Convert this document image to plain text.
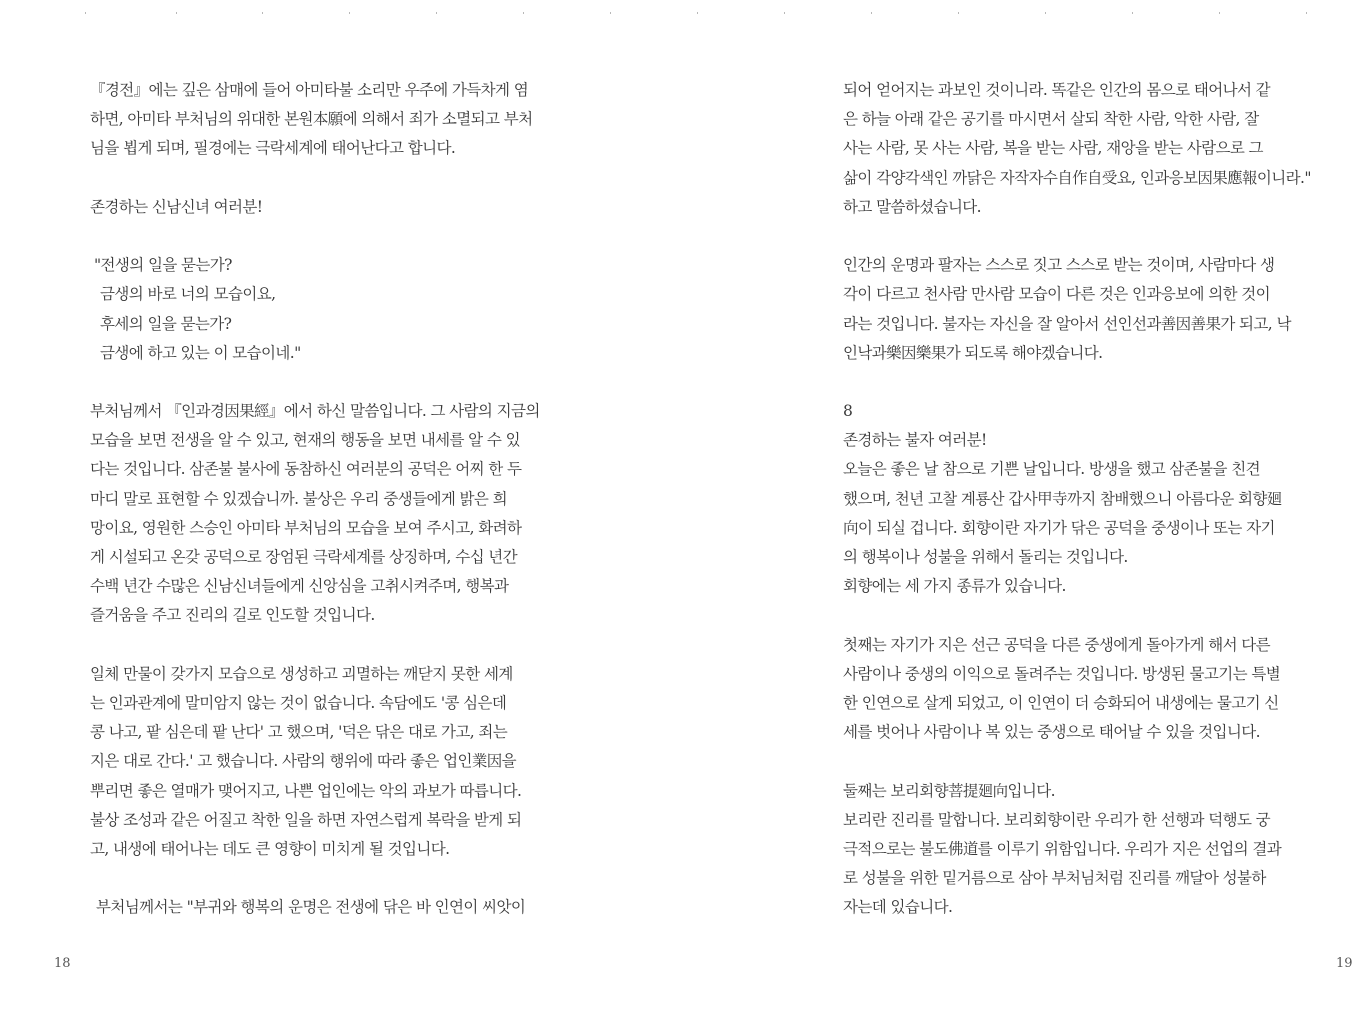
『경전』에는 깊은 삼매에 들어 아미타불 소리만 우주에 가득차게 염
하면, 아미타 부처님의 위대한 본원本願에 의해서 죄가 소멸되고 부처
님을 뵙게 되며, 필경에는 극락세계에 태어난다고 합니다.
존경하는 신남신녀 여러분!
"전생의 일을 묻는가?
금생의 바로 너의 모습이요,
후세의 일을 묻는가?
금생에 하고 있는 이 모습이네."
부처님께서 『인과경因果經』에서 하신 말씀입니다. 그 사람의 지금의
모습을 보면 전생을 알 수 있고, 현재의 행동을 보면 내세를 알 수 있
다는 것입니다. 삼존불 불사에 동참하신 여러분의 공덕은 어찌 한 두
마디 말로 표현할 수 있겠습니까. 불상은 우리 중생들에게 밝은 희
망이요, 영원한 스승인 아미타 부처님의 모습을 보여 주시고, 화려하
게 시설되고 온갖 공덕으로 장엄된 극락세계를 상징하며, 수십 년간
수백 년간 수많은 신남신녀들에게 신앙심을 고취시켜주며, 행복과
즐거움을 주고 진리의 길로 인도할 것입니다.
일체 만물이 갖가지 모습으로 생성하고 괴멸하는 깨닫지 못한 세계
는 인과관계에 말미암지 않는 것이 없습니다. 속담에도 '콩 심은데
콩 나고, 팥 심은데 팥 난다' 고 했으며, '덕은 닦은 대로 가고, 죄는
지은 대로 간다.' 고 했습니다. 사람의 행위에 따라 좋은 업인業因을
뿌리면 좋은 열매가 맺어지고, 나쁜 업인에는 악의 과보가 따릅니다.
불상 조성과 같은 어질고 착한 일을 하면 자연스럽게 복락을 받게 되
고, 내생에 태어나는 데도 큰 영향이 미치게 될 것입니다.
부처님께서는 "부귀와 행복의 운명은 전생에 닦은 바 인연이 씨앗이
18
되어 얻어지는 과보인 것이니라. 똑같은 인간의 몸으로 태어나서 같
은 하늘 아래 같은 공기를 마시면서 살되 착한 사람, 악한 사람, 잘
사는 사람, 못 사는 사람, 복을 받는 사람, 재앙을 받는 사람으로 그
삶이 각양각색인 까닭은 자작자수自作自受요, 인과응보因果應報이니라."
하고 말씀하셨습니다.
인간의 운명과 팔자는 스스로 짓고 스스로 받는 것이며, 사람마다 생
각이 다르고 천사람 만사람 모습이 다른 것은 인과응보에 의한 것이
라는 것입니다. 불자는 자신을 잘 알아서 선인선과善因善果가 되고, 낙
인낙과樂因樂果가 되도록 해야겠습니다.
8
존경하는 불자 여러분!
오늘은 좋은 날 참으로 기쁜 날입니다. 방생을 했고 삼존불을 친견
했으며, 천년 고찰 계룡산 갑사甲寺까지 참배했으니 아름다운 회향廻
向이 되실 겁니다. 회향이란 자기가 닦은 공덕을 중생이나 또는 자기
의 행복이나 성불을 위해서 돌리는 것입니다.
회향에는 세 가지 종류가 있습니다.
첫째는 자기가 지은 선근 공덕을 다른 중생에게 돌아가게 해서 다른
사람이나 중생의 이익으로 돌려주는 것입니다. 방생된 물고기는 특별
한 인연으로 살게 되었고, 이 인연이 더 승화되어 내생에는 물고기 신
세를 벗어나 사람이나 복 있는 중생으로 태어날 수 있을 것입니다.
둘째는 보리회향菩提廻向입니다.
보리란 진리를 말합니다. 보리회향이란 우리가 한 선행과 덕행도 궁
극적으로는 불도佛道를 이루기 위함입니다. 우리가 지은 선업의 결과
로 성불을 위한 밑거름으로 삼아 부처님처럼 진리를 깨달아 성불하
자는데 있습니다.
19
